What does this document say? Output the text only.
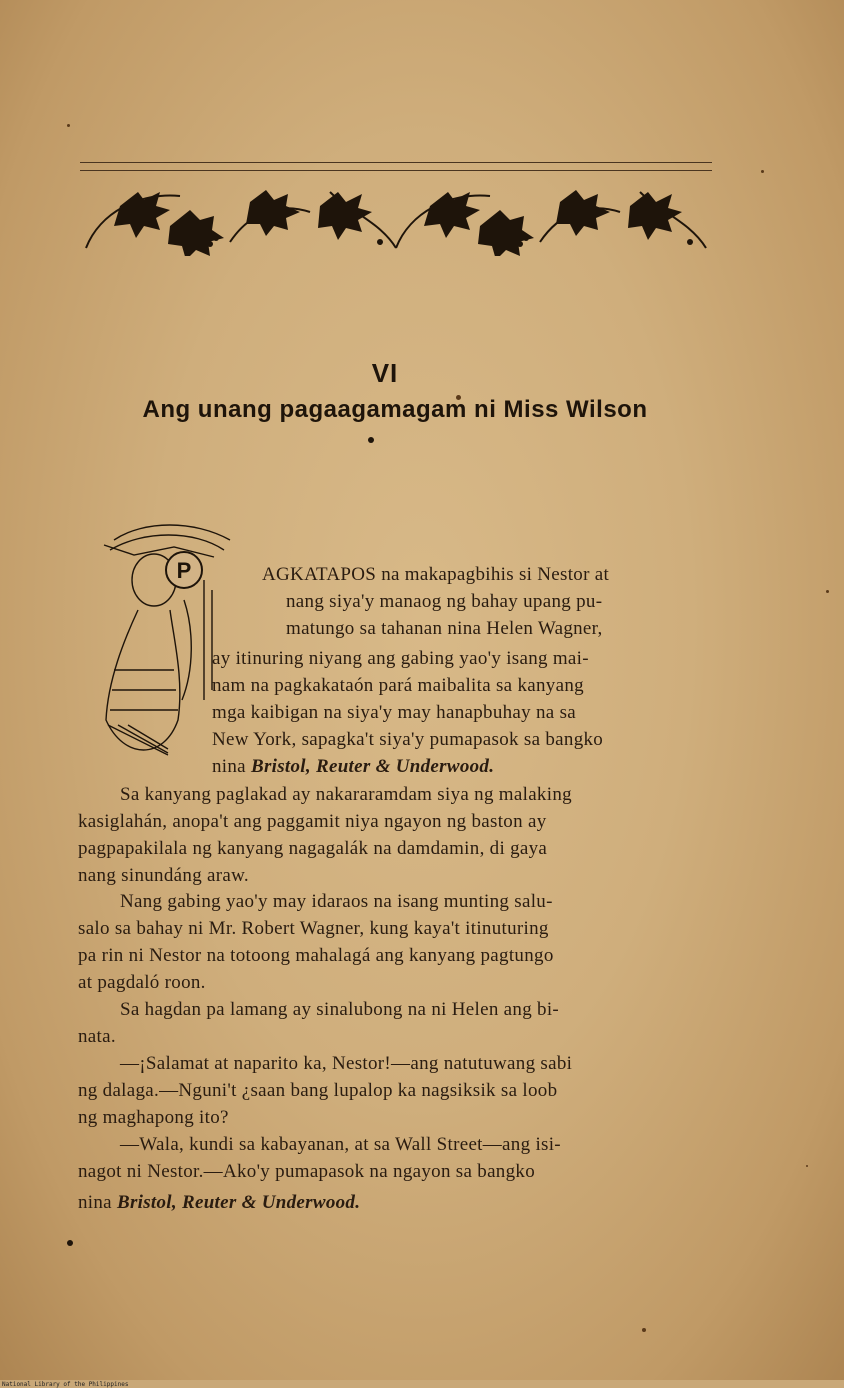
VI
Ang unang pagaagamagam ni Miss Wilson
P	AGKATAPOS na makapagbihis si Nestor at
nang siya'y manaog ng bahay upang pu-
matungo sa tahanan nina Helen Wagner,
ay itinuring niyang ang gabing yao'y isang mai-
nam na pagkakataón pará maibalita sa kanyang
mga kaibigan na siya'y may hanapbuhay na sa
New York, sapagka't siya'y pumapasok sa bangko
nina Bristol, Reuter & Underwood.
Sa kanyang paglakad ay nakararamdam siya ng malaking
kasiglahán, anopa't ang paggamit niya ngayon ng baston ay
pagpapakilala ng kanyang nagagalák na damdamin, di gaya
nang sinundáng araw.
Nang gabing yao'y may idaraos na isang munting salu-
salo sa bahay ni Mr. Robert Wagner, kung kaya't itinuturing
pa rin ni Nestor na totoong mahalagá ang kanyang pagtungo
at pagdaló roon.
Sa hagdan pa lamang ay sinalubong na ni Helen ang bi-
nata.
—¡Salamat at naparito ka, Nestor!—ang natutuwang sabi
ng dalaga.—Nguni't ¿saan bang lupalop ka nagsiksik sa loob
ng maghapong ito?
—Wala, kundi sa kabayanan, at sa Wall Street—ang isi-
nagot ni Nestor.—Ako'y pumapasok na ngayon sa bangko
nina Bristol, Reuter & Underwood.
National Library of the Philippines
